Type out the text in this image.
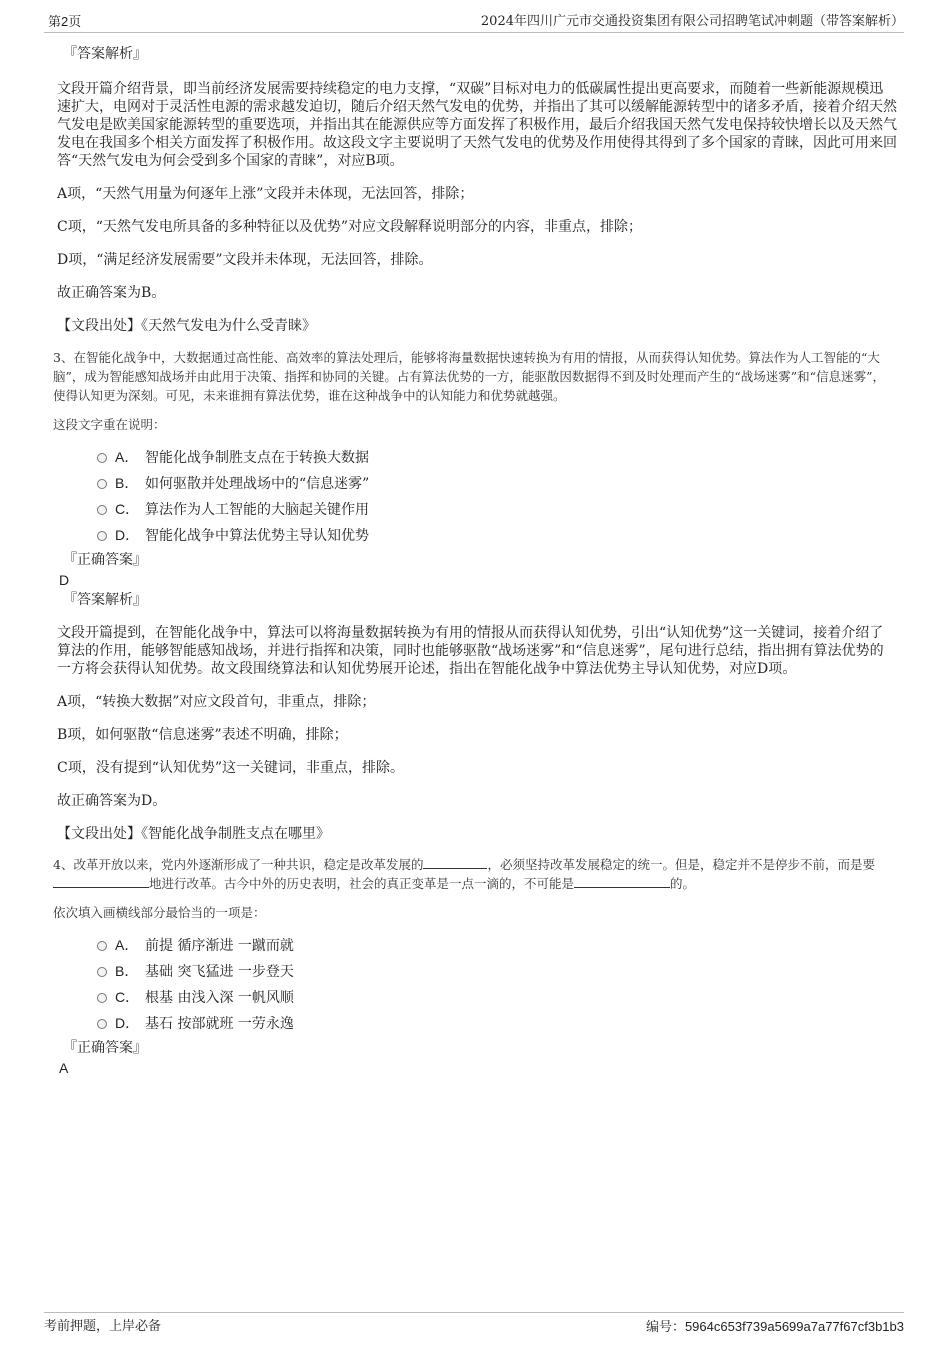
第2页	2024年四川广元市交通投资集团有限公司招聘笔试冲刺题（带答案解析）

『答案解析』

文段开篇介绍背景，即当前经济发展需要持续稳定的电力支撑，“双碳”目标对电力的低碳属性提出更高要求，而随着一些新能源规模迅速扩大，电网对于灵活性电源的需求越发迫切，随后介绍天然气发电的优势，并指出了其可以缓解能源转型中的诸多矛盾，接着介绍天然气发电是欧美国家能源转型的重要选项，并指出其在能源供应等方面发挥了积极作用，最后介绍我国天然气发电保持较快增长以及天然气发电在我国多个相关方面发挥了积极作用。故这段文字主要说明了天然气发电的优势及作用使得其得到了多个国家的青睐，因此可用来回答“天然气发电为何会受到多个国家的青睐”，对应B项。

A项，“天然气用量为何逐年上涨”文段并未体现，无法回答，排除；

C项，“天然气发电所具备的多种特征以及优势”对应文段解释说明部分的内容，非重点，排除；

D项，“满足经济发展需要”文段并未体现，无法回答，排除。

故正确答案为B。

【文段出处】《天然气发电为什么受青睐》

3、在智能化战争中，大数据通过高性能、高效率的算法处理后，能够将海量数据快速转换为有用的情报，从而获得认知优势。算法作为人工智能的“大脑”，成为智能感知战场并由此用于决策、指挥和协同的关键。占有算法优势的一方，能驱散因数据得不到及时处理而产生的“战场迷雾”和“信息迷雾”，使得认知更为深刻。可见，未来谁拥有算法优势，谁在这种战争中的认知能力和优势就越强。

这段文字重在说明：

A． 智能化战争制胜支点在于转换大数据
B． 如何驱散并处理战场中的“信息迷雾”
C． 算法作为人工智能的大脑起关键作用
D． 智能化战争中算法优势主导认知优势

『正确答案』

D

『答案解析』

文段开篇提到，在智能化战争中，算法可以将海量数据转换为有用的情报从而获得认知优势，引出“认知优势”这一关键词，接着介绍了算法的作用，能够智能感知战场，并进行指挥和决策，同时也能够驱散“战场迷雾”和“信息迷雾”，尾句进行总结，指出拥有算法优势的一方将会获得认知优势。故文段围绕算法和认知优势展开论述，指出在智能化战争中算法优势主导认知优势，对应D项。

A项，“转换大数据”对应文段首句，非重点，排除；

B项，如何驱散“信息迷雾”表述不明确，排除；

C项，没有提到“认知优势”这一关键词，非重点，排除。

故正确答案为D。

【文段出处】《智能化战争制胜支点在哪里》

4、改革开放以来，党内外逐渐形成了一种共识，稳定是改革发展的	，必须坚持改革发展稳定的统一。但是，稳定并不是停步不前，而是要地进行改革。古今中外的历史表明，社会的真正变革是一点一滴的，不可能是	的。

依次填入画横线部分最恰当的一项是：

A． 前提 循序渐进 一蹴而就
B． 基础 突飞猛进 一步登天
C． 根基 由浅入深 一帆风顺
D． 基石 按部就班 一劳永逸

『正确答案』

A

考前押题，上岸必备	编号：5964c653f739a5699a7a77f67cf3b1b3
